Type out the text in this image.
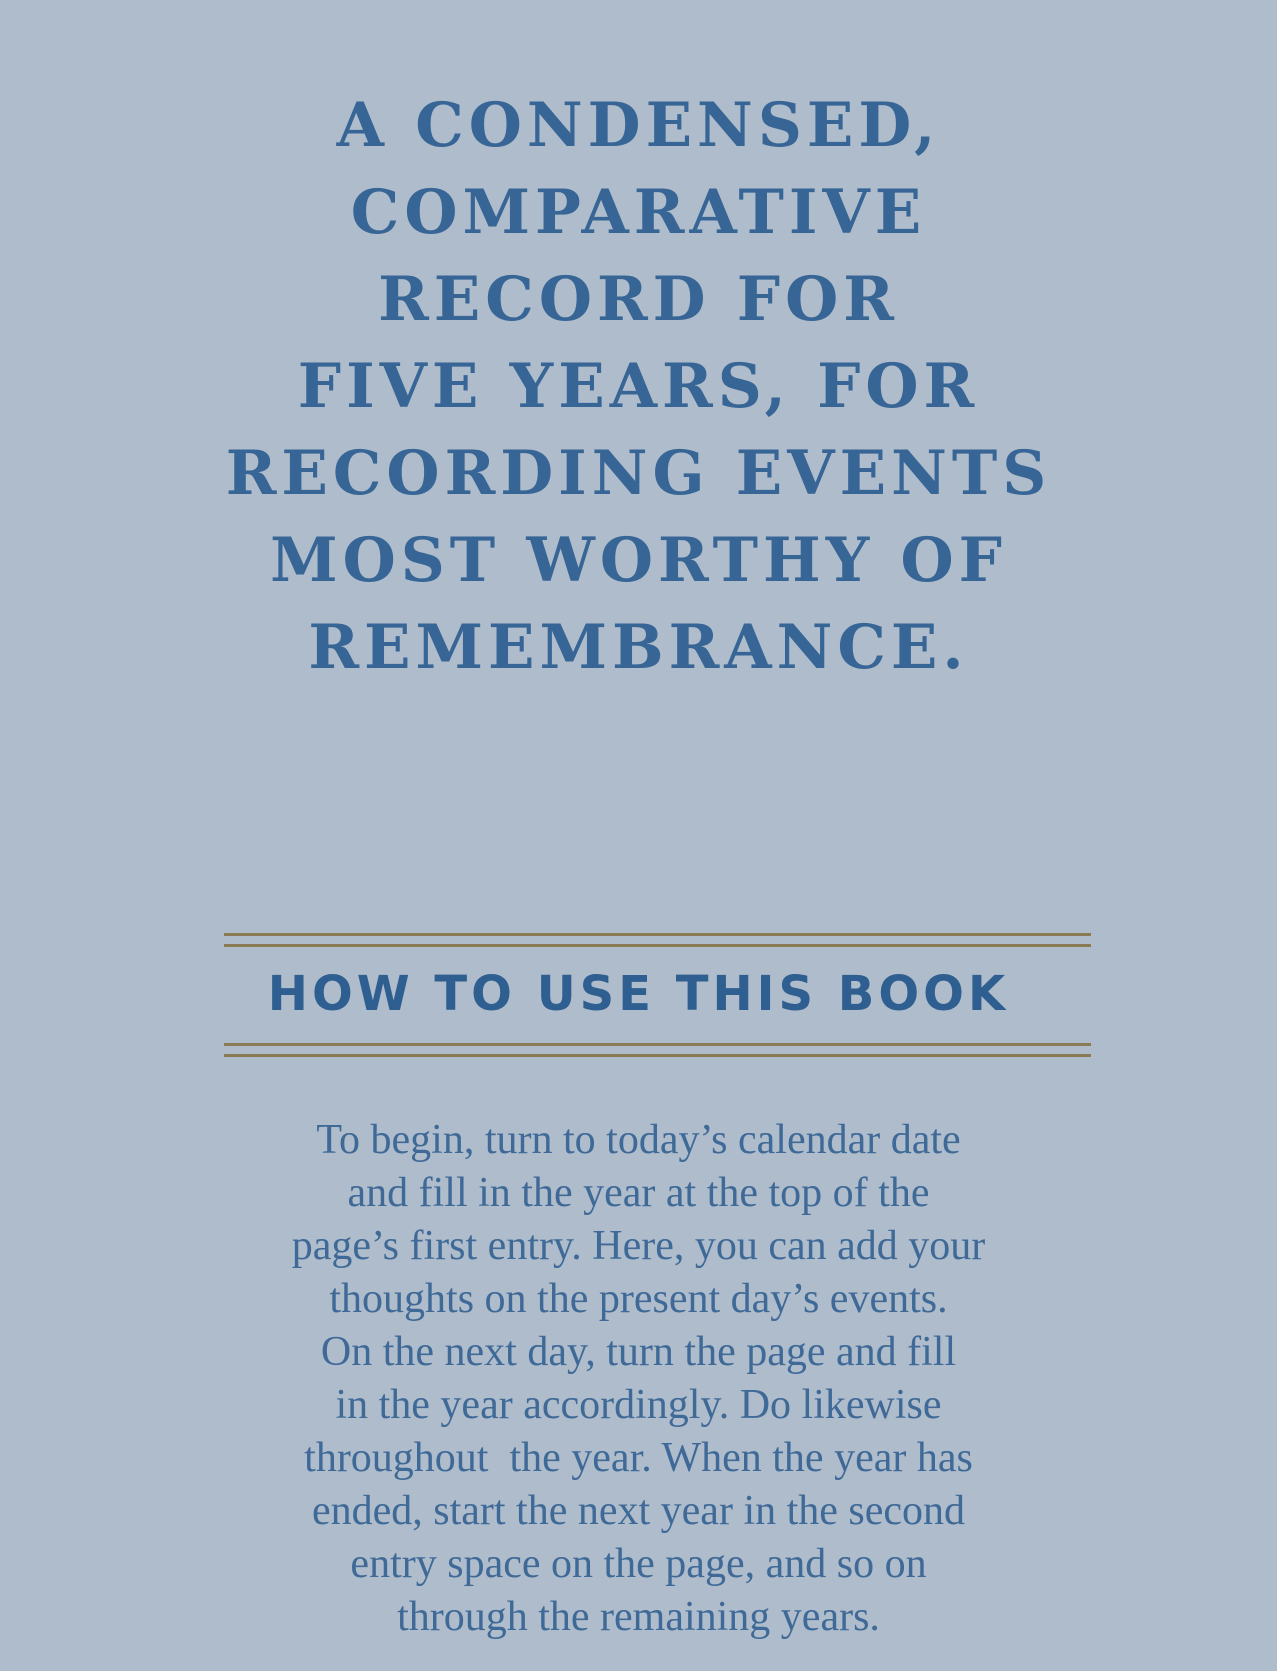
A CONDENSED,
COMPARATIVE
RECORD FOR
FIVE YEARS, FOR
RECORDING EVENTS
MOST WORTHY OF
REMEMBRANCE.
HOW TO USE THIS BOOK

To begin, turn to today’s calendar date
and fill in the year at the top of the
page’s first entry. Here, you can add your
thoughts on the present day’s events.
On the next day, turn the page and fill
in the year accordingly. Do likewise
throughout  the year. When the year has
ended, start the next year in the second
entry space on the page, and so on
through the remaining years.
